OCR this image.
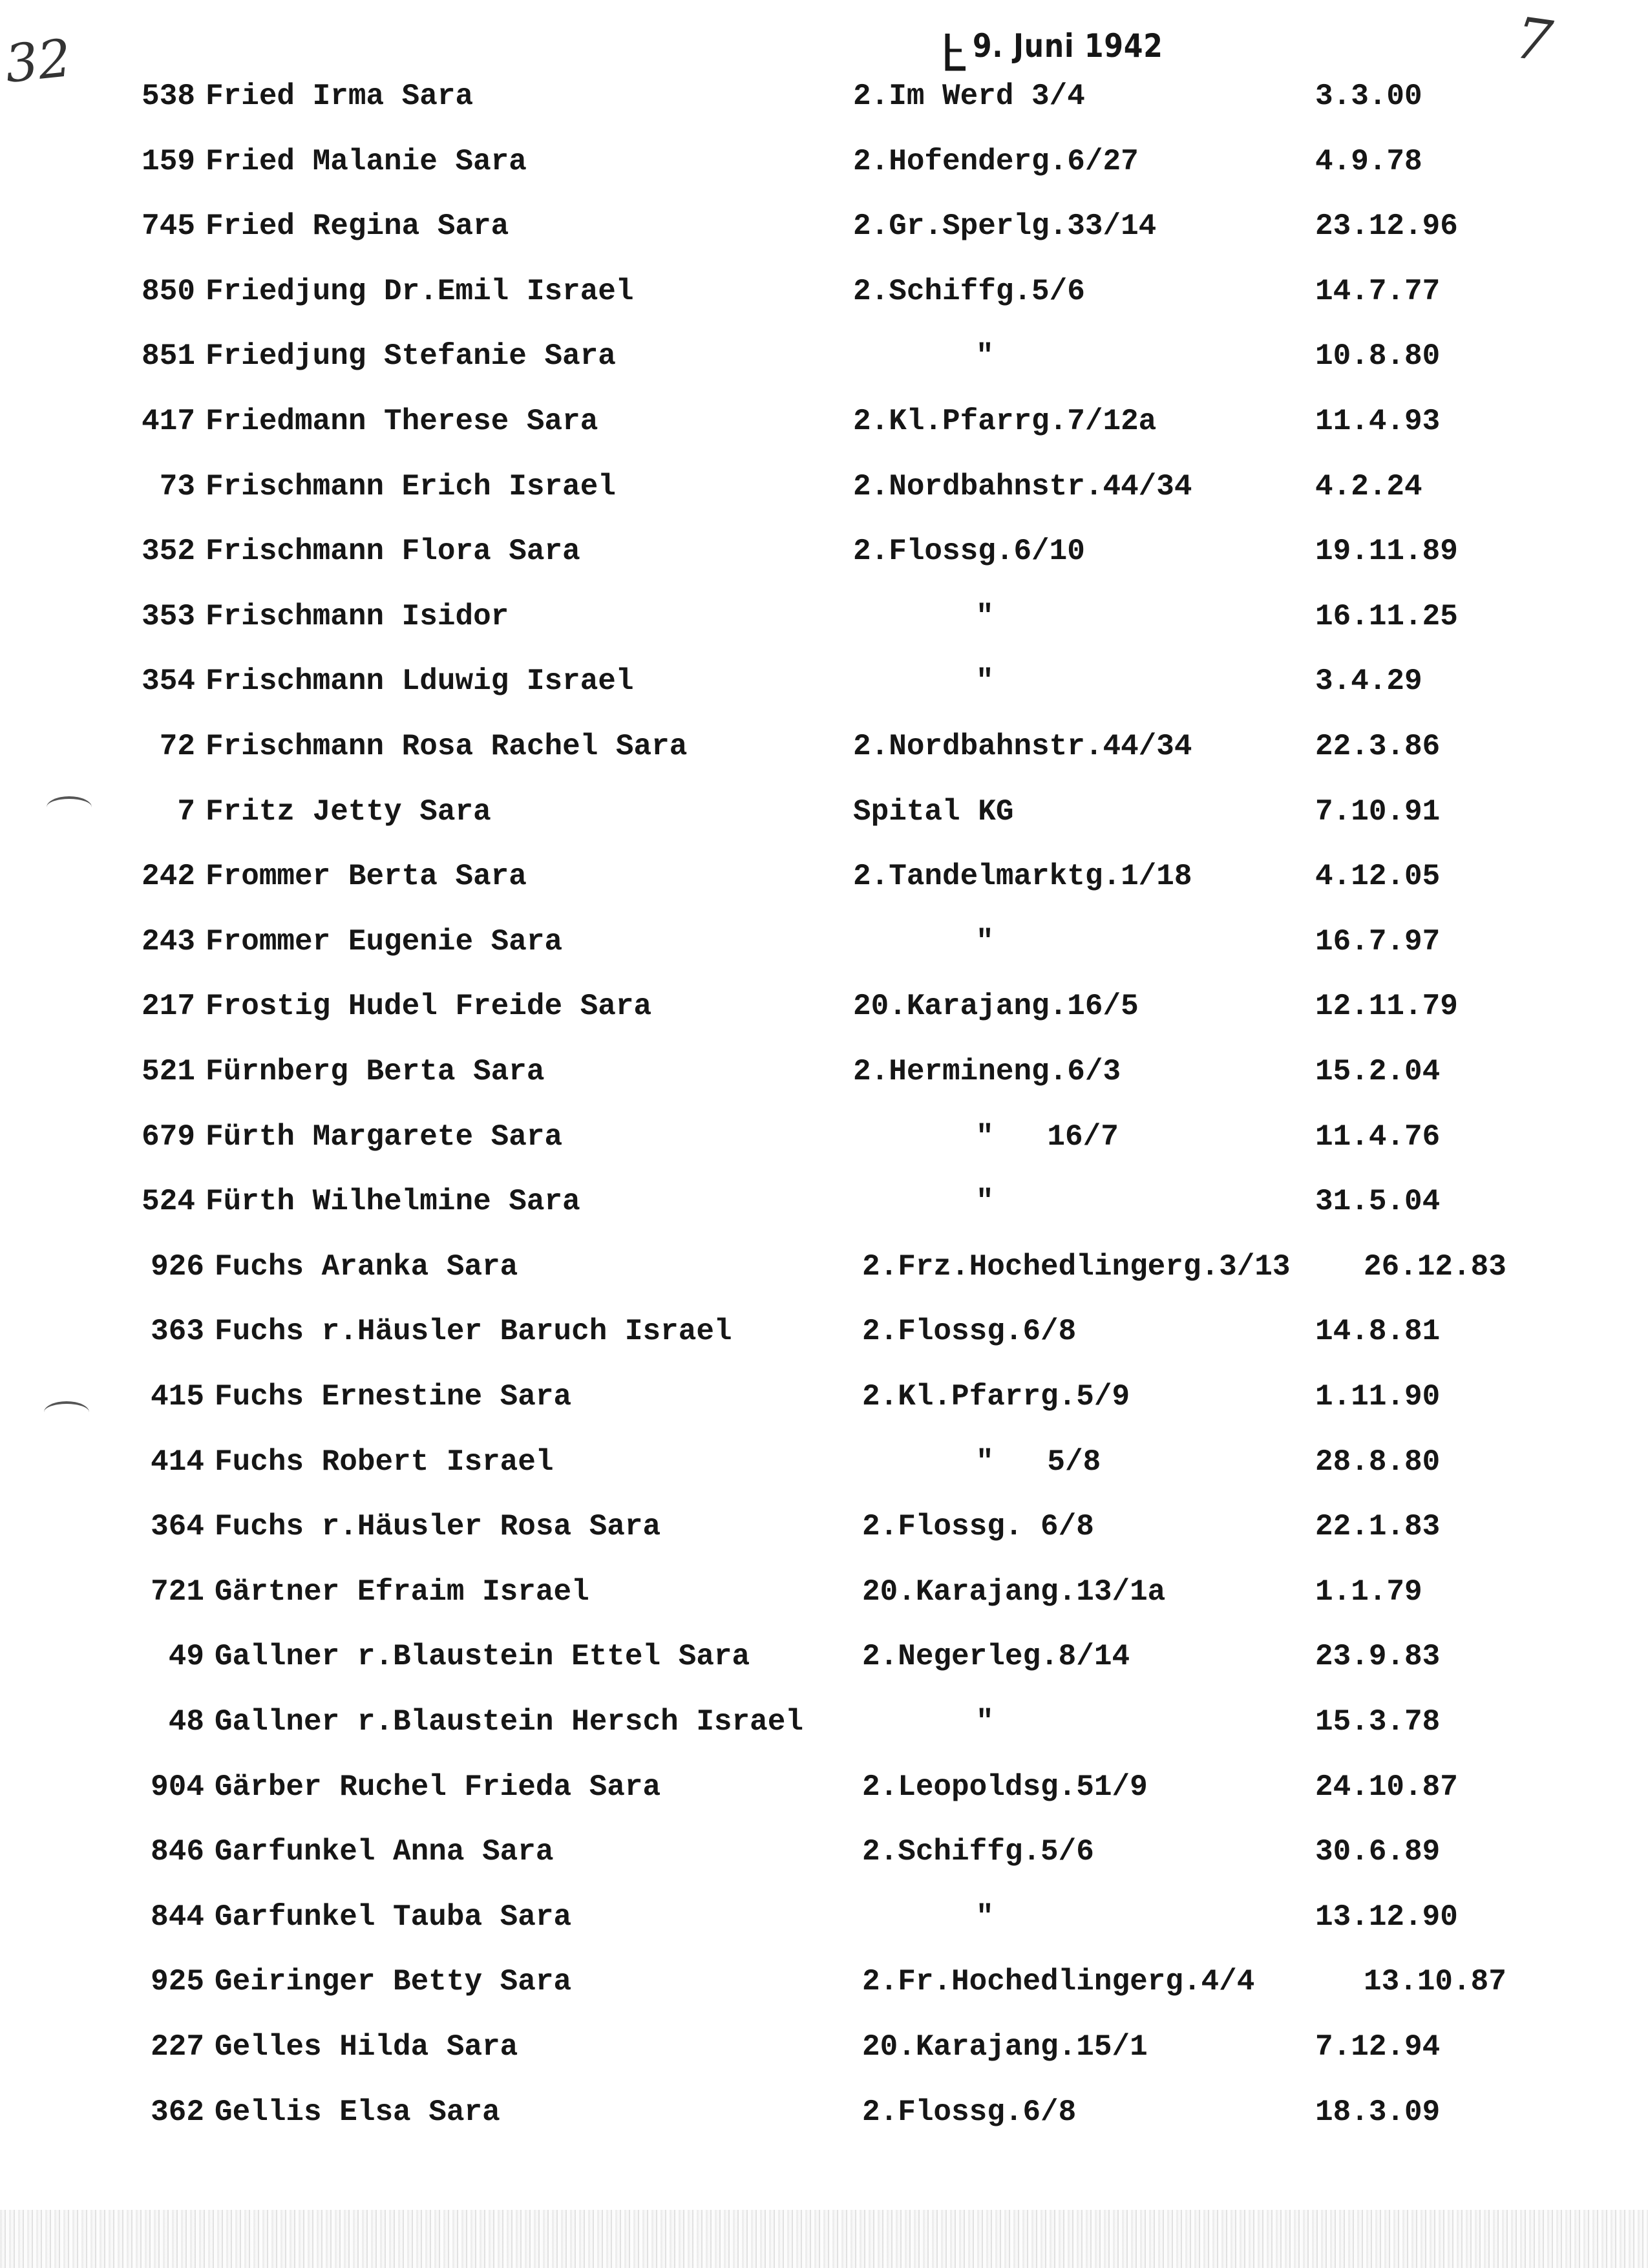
32	9. Juni 1942	7
538 Fried Irma Sara	2.Im Werd 3/4	3.3.00
159 Fried Malanie Sara	2.Hofenderg.6/27	4.9.78
745 Fried Regina Sara	2.Gr.Sperlg.33/14	23.12.96
850 Friedjung Dr.Emil Israel	2.Schiffg.5/6	14.7.77
851 Friedjung Stefanie Sara	"	10.8.80
417 Friedmann Therese Sara	2.Kl.Pfarrg.7/12a	11.4.93
73 Frischmann Erich Israel	2.Nordbahnstr.44/34	4.2.24
352 Frischmann Flora Sara	2.Flossg.6/10	19.11.89
353 Frischmann Isidor	"	16.11.25
354 Frischmann Lduwig Israel	"	3.4.29
72 Frischmann Rosa Rachel Sara	2.Nordbahnstr.44/34	22.3.86
7 Fritz Jetty Sara	Spital KG	7.10.91
242 Frommer Berta Sara	2.Tandelmarktg.1/18	4.12.05
243 Frommer Eugenie Sara	"	16.7.97
217 Frostig Hudel Freide Sara	20.Karajang.16/5	12.11.79
521 Fürnberg Berta Sara	2.Hermineng.6/3	15.2.04
679 Fürth Margarete Sara	"   16/7	11.4.76
524 Fürth Wilhelmine Sara	"	31.5.04
926 Fuchs Aranka Sara	2.Frz.Hochedlingerg.3/13 26.12.83
363 Fuchs r.Häusler Baruch Israel	2.Flossg.6/8	14.8.81
415 Fuchs Ernestine Sara	2.Kl.Pfarrg.5/9	1.11.90
414 Fuchs Robert Israel	"   5/8	28.8.80
364 Fuchs r.Häusler Rosa Sara	2.Flossg. 6/8	22.1.83
721 Gärtner Efraim Israel	20.Karajang.13/1a	1.1.79
49 Gallner r.Blaustein Ettel Sara	2.Negerleg.8/14	23.9.83
48 Gallner r.Blaustein Hersch Israel	"	15.3.78
904 Gärber Ruchel Frieda Sara	2.Leopoldsg.51/9	24.10.87
846 Garfunkel Anna Sara	2.Schiffg.5/6	30.6.89
844 Garfunkel Tauba Sara	"	13.12.90
925 Geiringer Betty Sara	2.Fr.Hochedlingerg.4/4	13.10.87
227 Gelles Hilda Sara	20.Karajang.15/1	7.12.94
362 Gellis Elsa Sara	2.Flossg.6/8	18.3.09
